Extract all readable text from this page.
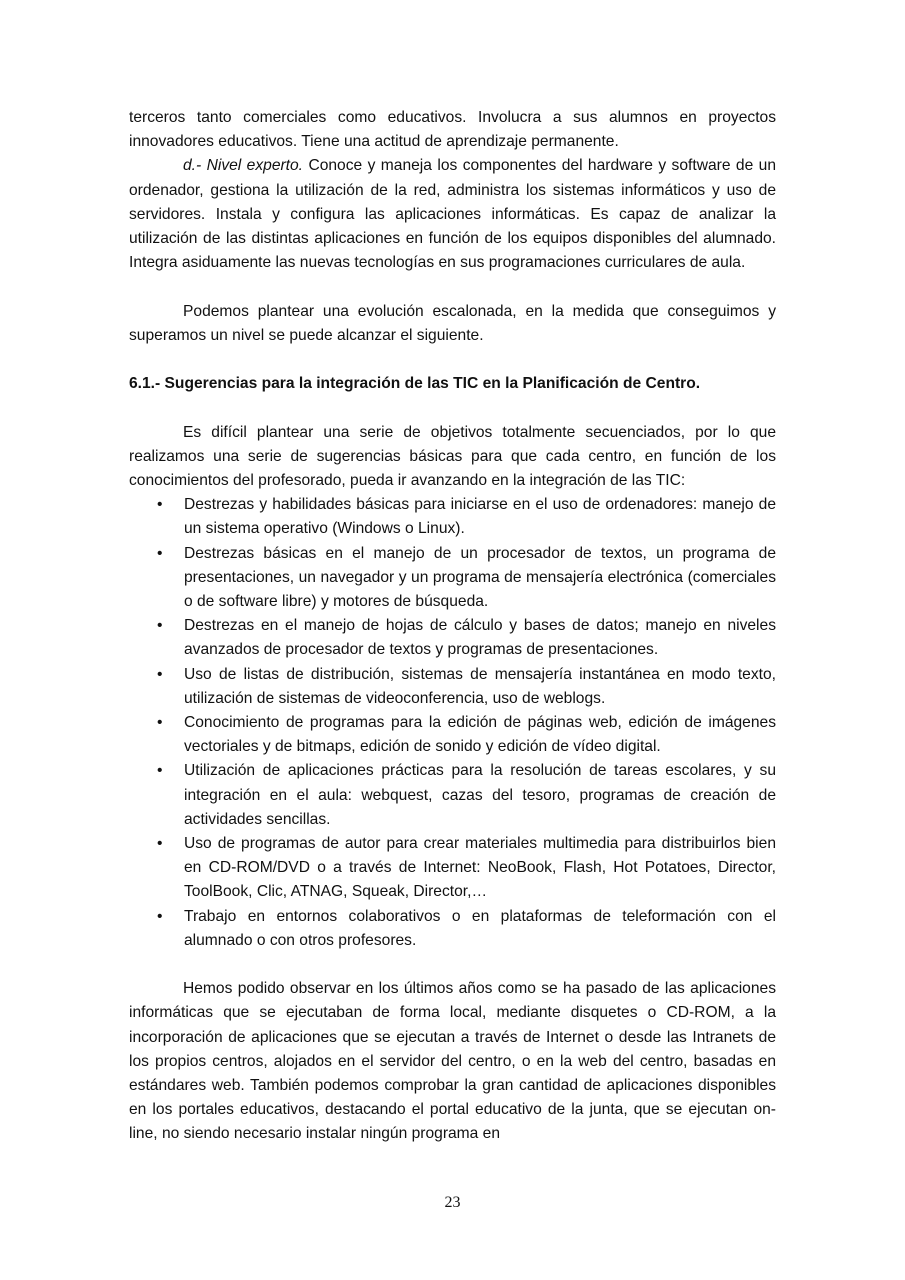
terceros tanto comerciales como educativos. Involucra a sus alumnos en proyectos innovadores educativos. Tiene una actitud de aprendizaje permanente.

d.- Nivel experto. Conoce y maneja los componentes del hardware y software de un ordenador, gestiona la utilización de la red, administra los sistemas informáticos y uso de servidores. Instala y configura las aplicaciones informáticas. Es capaz de analizar la utilización de las distintas aplicaciones en función de los equipos disponibles del alumnado. Integra asiduamente las nuevas tecnologías en sus programaciones curriculares de aula.

Podemos plantear una evolución escalonada, en la medida que conseguimos y superamos un nivel se puede alcanzar el siguiente.

6.1.- Sugerencias para la integración de las TIC en la Planificación de Centro.

Es difícil plantear una serie de objetivos totalmente secuenciados, por lo que realizamos una serie de sugerencias básicas para que cada centro, en función de los conocimientos del profesorado, pueda ir avanzando en la integración de las TIC:

• Destrezas y habilidades básicas para iniciarse en el uso de ordenadores: manejo de un sistema operativo (Windows o Linux).
• Destrezas básicas en el manejo de un procesador de textos, un programa de presentaciones, un navegador y un programa de mensajería electrónica (comerciales o de software libre) y motores de búsqueda.
• Destrezas en el manejo de hojas de cálculo y bases de datos; manejo en niveles avanzados de procesador de textos y programas de presentaciones.
• Uso de listas de distribución, sistemas de mensajería instantánea en modo texto, utilización de sistemas de videoconferencia, uso de weblogs.
• Conocimiento de programas para la edición de páginas web, edición de imágenes vectoriales y de bitmaps, edición de sonido y edición de vídeo digital.
• Utilización de aplicaciones prácticas para la resolución de tareas escolares, y su integración en el aula: webquest, cazas del tesoro, programas de creación de actividades sencillas.
• Uso de programas de autor para crear materiales multimedia para distribuirlos bien en CD-ROM/DVD o a través de Internet: NeoBook, Flash, Hot Potatoes, Director, ToolBook, Clic, ATNAG, Squeak, Director,…
• Trabajo en entornos colaborativos o en plataformas de teleformación con el alumnado o con otros profesores.

Hemos podido observar en los últimos años como se ha pasado de las aplicaciones informáticas que se ejecutaban de forma local, mediante disquetes o CD-ROM, a la incorporación de aplicaciones que se ejecutan a través de Internet o desde las Intranets de los propios centros, alojados en el servidor del centro, o en la web del centro, basadas en estándares web. También podemos comprobar la gran cantidad de aplicaciones disponibles en los portales educativos, destacando el portal educativo de la junta, que se ejecutan on-line, no siendo necesario instalar ningún programa en

23
